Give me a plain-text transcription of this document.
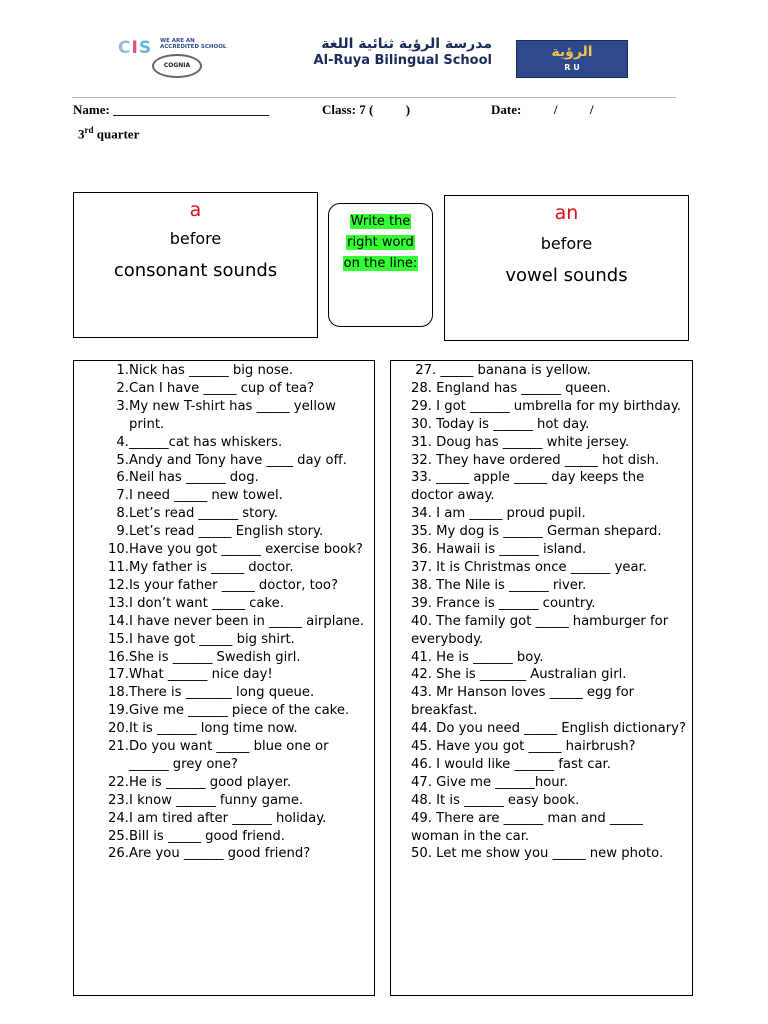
CIS WE ARE AN ACCREDITED SCHOOL
COGNIA
مدرسة الرؤية ثنائية اللغة
Al-Ruya Bilingual School
الرؤية
R U
Name: ________________________	Class: 7 (          )	Date:          /          /
3rd quarter
a
before
consonant sounds
Write the
right word
on the line:
an
before
vowel sounds
1. Nick has ______ big nose.
2. Can I have _____ cup of tea?
3. My new T-shirt has _____ yellow print.
4. ______cat has whiskers.
5. Andy and Tony have ____ day off.
6. Neil has ______ dog.
7. I need _____ new towel.
8. Let’s read ______ story.
9. Let’s read _____ English story.
10. Have you got ______ exercise book?
11. My father is _____ doctor.
12. Is your father _____ doctor, too?
13. I don’t want _____ cake.
14. I have never been in _____ airplane.
15. I have got _____ big shirt.
16. She is ______ Swedish girl.
17. What ______ nice day!
18. There is _______ long queue.
19. Give me ______ piece of the cake.
20. It is ______ long time now.
21. Do you want _____ blue one or ______ grey one?
22. He is ______ good player.
23. I know ______ funny game.
24. I am tired after ______ holiday.
25. Bill is _____ good friend.
26. Are you ______ good friend?
27. _____ banana is yellow.
28. England has ______ queen.
29. I got ______ umbrella for my birthday.
30. Today is ______ hot day.
31. Doug has ______ white jersey.
32. They have ordered _____ hot dish.
33. _____ apple _____ day keeps the doctor away.
34. I am _____ proud pupil.
35. My dog is ______ German shepard.
36. Hawaii is ______ island.
37. It is Christmas once ______ year.
38. The Nile is ______ river.
39. France is ______ country.
40. The family got _____ hamburger for everybody.
41. He is ______ boy.
42. She is _______ Australian girl.
43. Mr Hanson loves _____ egg for breakfast.
44. Do you need _____ English dictionary?
45. Have you got _____ hairbrush?
46. I would like ______ fast car.
47. Give me ______hour.
48. It is ______ easy book.
49. There are ______ man and _____ woman in the car.
50. Let me show you _____ new photo.
